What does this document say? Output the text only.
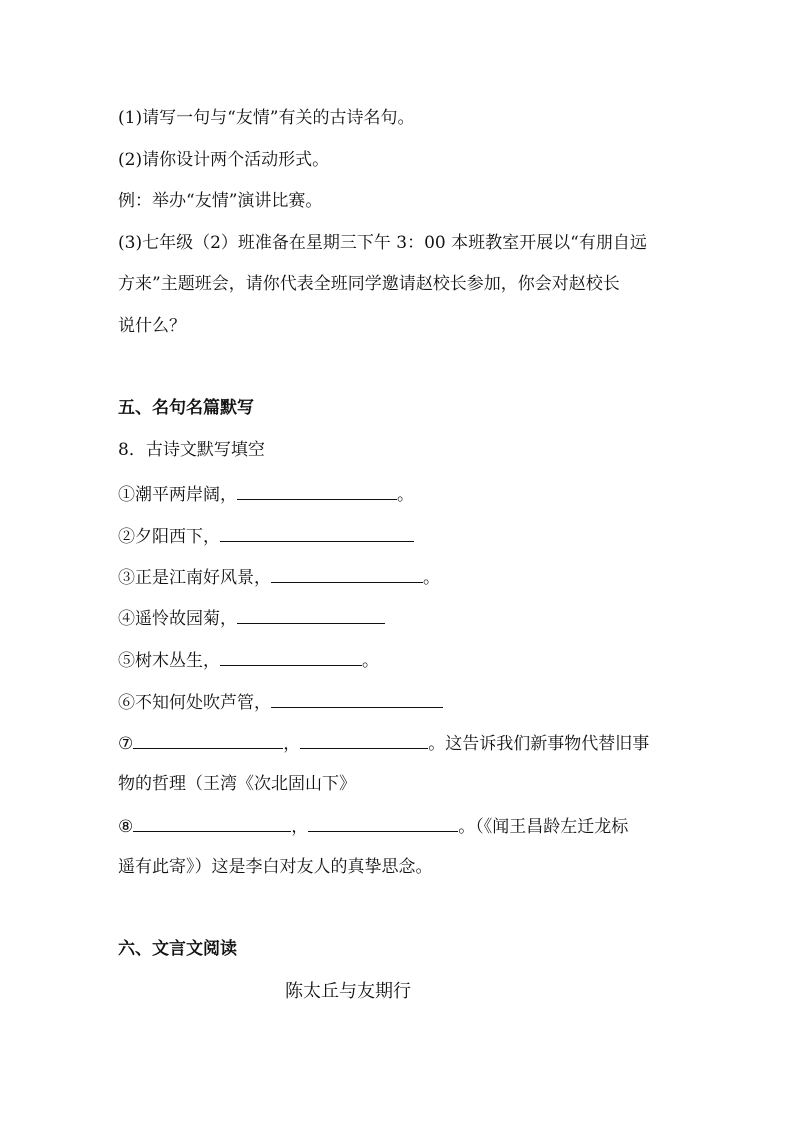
(1)请写一句与“友情”有关的古诗名句。
(2)请你设计两个活动形式。
例：举办“友情”演讲比赛。
(3)七年级（2）班准备在星期三下午 3：00 本班教室开展以“有朋自远
方来”主题班会，请你代表全班同学邀请赵校长参加，你会对赵校长
说什么？
五、名句名篇默写
8．古诗文默写填空
①潮平两岸阔，	。
②夕阳西下，
③正是江南好风景，	。
④遥怜故园菊，
⑤树木丛生，	。
⑥不知何处吹芦管，
⑦	，	。这告诉我们新事物代替旧事
物的哲理（王湾《次北固山下》
⑧	，	。（《闻王昌龄左迁龙标
遥有此寄》）这是李白对友人的真挚思念。
六、文言文阅读
陈太丘与友期行
